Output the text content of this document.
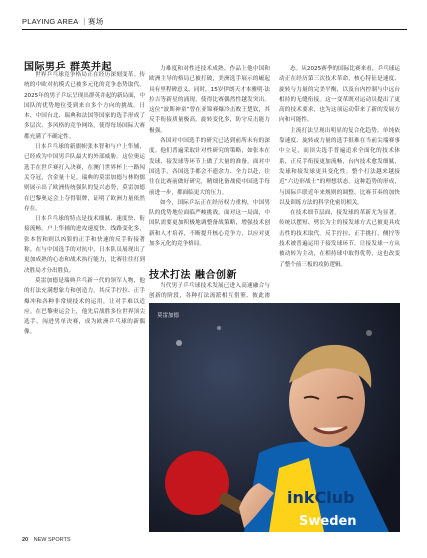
PLAYING AREA ｜赛场
国际男乒 群英并起

世界乒乓球竞争格局正在经历深刻变革。传统的中欧对抗模式已被多元化的竞争态势取代。2025年的男子乒坛呈现出群英并起的新局面，中国队的优势地位受到来自多个方向的挑战。日本、中国台北、瑞典和法国等国家的选手形成了多层次、多风格的竞争网络，使得每场国际大赛都充满了不确定性。

日本乒乓球的新旗帜张本智和与户上隼辅，已经成为中国男乒队最大的外部威胁。这位奥运选手在世乒赛打入决赛，在澳门世界杯上一路闯关夺冠，含金量十足。瑞典的莫雷加德与林昀儒则展示出了欧洲传统强队的复兴态势，莫雷加德在巴黎奥运会上夺得银牌，证明了欧洲力量依然存在。

日本乒乓球的特点是技术细腻、速度快、衔接流畅。户上隼辅的进攻速度快、线路变化多，张本智和则以凶狠的正手和快速的反手衔接著称。在与中国选手的对抗中，日本队员展现出了更加成熟的心态和战术执行能力，比赛往往打到决胜局才分出胜负。

莫雷加德是瑞典乒乓新一代的领军人物，他的打法充满想象力和创造力。其反手拧拉、正手爆冲和各种非常规技术的运用，让对手难以适应。在巴黎奥运会上，他先后战胜多位世界顶尖选手，闯进男单决赛，成为欧洲乒乓球的新偶像。

力难度和对性还技术成熟。作品上他中国和欧洲主导的格局已被打破，美洲选手展示的崛起具有里程碑意义。同时，15岁伊朗天才本雅明·法拉吉等新星的涌现，使得比赛偶然性越发突出。这位“波斯神童”曾在亚锦赛爆冷击败王楚钦，其反手衔接质量极高，旋转变化多，防守反击能力极强。

各国对中国选手的研究已达到前所未有的深度。他们普遍采取针对性研究的策略，如张本在发球、接发球等环节上做了大量的准备。面对中国选手，各国选手都会不遗余力、全力以赴，往往在比赛前做好研究，精细化备战使中国选手每前进一步，都面临更大的压力。

如今，国际乒坛正在经历权力重构，中国男队的优势地位面临严峻挑战。面对这一局面，中国队需要更加积极地调整备战策略，增强技术创新和人才培养，不断提升核心竞争力，以应对更加多元化的竞争格局。

技术打法 融合创新

当代男子乒乓球技术发展已进入高速融合与创新的阶段，各种打法流派相互借鉴、彼此渗

态。从2025赛季的国际比赛来看，乒乓球运动正在经历第三次技术革命，核心特征是速度、旋转与力量的完美平衡，以及台内控制与中远台相持的无缝衔接。这一变革既对运动员提出了更高的技术要求，也为这项运动带来了新的发展方向和可能性。

主流打法呈现出明显的复合化趋势。单纯依靠速度、旋转或力量的选手很难在当前尖端赛事中立足，而顶尖选手普遍追求全面化的技术体系，正反手衔接更加流畅，台内技术愈发细腻，发球和接发球更具变化性。整个打法越来越接近“六边形战士”的理想状态。这种趋势的形成，与国际乒联近年来规则的调整、比赛节奏的加快以及训练方法的科学化密切相关。

在技术细节层面，接发球的革新尤为显著。传统以摆短、劈长为主的接发球方式已被更具攻击性的技术取代。反手拧拉、正手挑打、侧拧等技术被普遍运用于接发球环节，让接发球一方从被动转为主动，在相持球中取得优势，这也改变了整个前三板的攻防逻辑。

inkClub
Sweden
莫雷加德
20 NEW SPORTS
